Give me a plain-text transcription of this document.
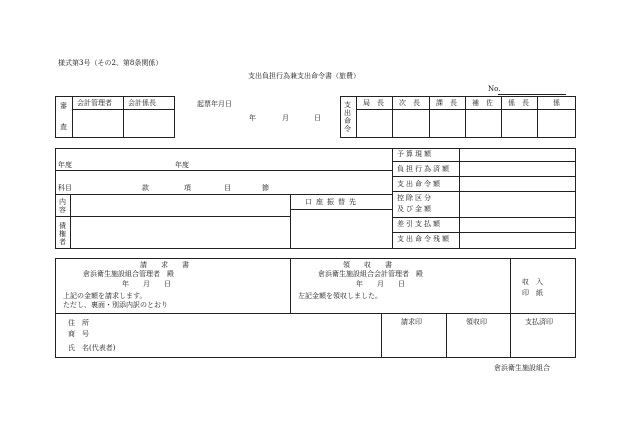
様式第3号（その2、第8条関係）
支出負担行為兼支出命令書（旅費）
No.
審
査
会計管理者 会計係長	起票年月日
年	月	日
支出命令
局　長 次　長 課　長 補　佐 係　長	係
年度	年度
科目	款	項	目	節
内容
債権者
口座振替先
予算現額
負担行為済額
支出命令額
控除区分
及び金額
差引支払額
支出命令残額
請　　求　　書
倉浜衛生施設組合管理者　殿
年　　月　　日
上記の金額を請求します。
ただし、裏面・別添内訳のとおり
領　　収　　書
倉浜衛生施設組合会計管理者　殿
年　　月　　日
左記金額を領収しました。
収　入
印　紙
住　所
商　号
氏　名(代表者)
請求印	領収印	支払済印
倉浜衛生施設組合
